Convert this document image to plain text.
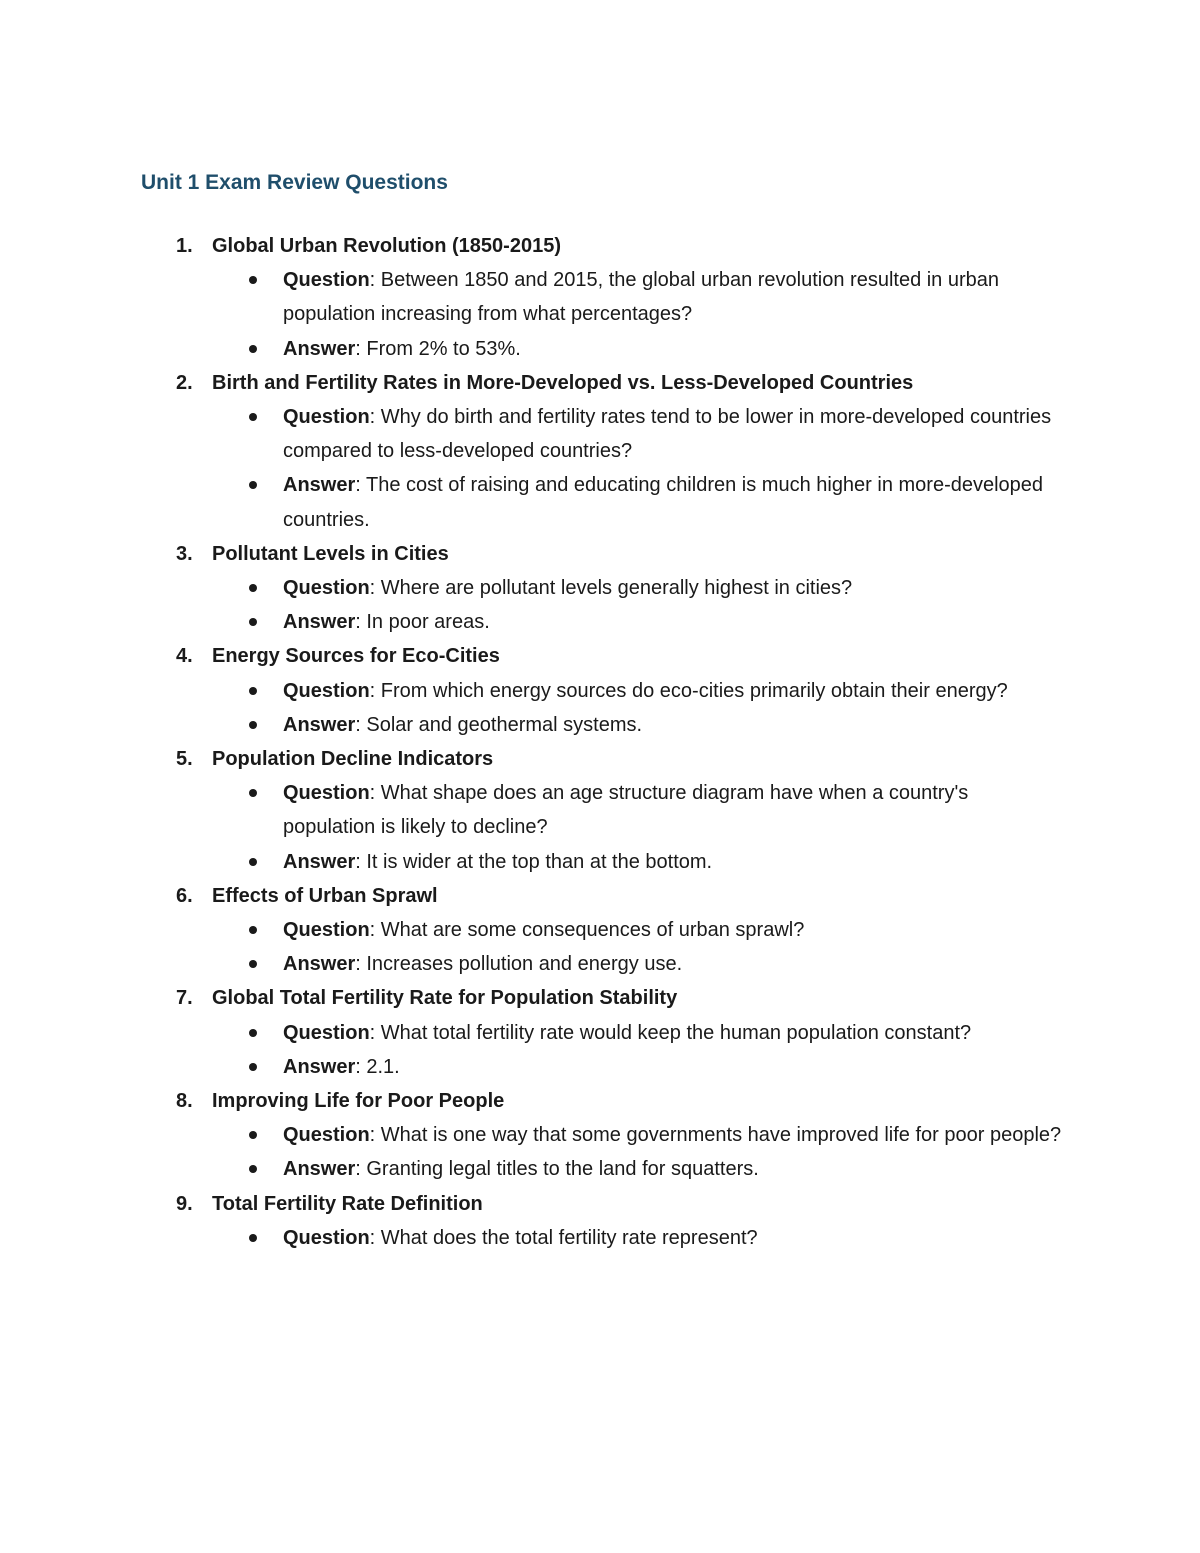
Unit 1 Exam Review Questions
1. Global Urban Revolution (1850-2015)
Question: Between 1850 and 2015, the global urban revolution resulted in urban population increasing from what percentages?
Answer: From 2% to 53%.
2. Birth and Fertility Rates in More-Developed vs. Less-Developed Countries
Question: Why do birth and fertility rates tend to be lower in more-developed countries compared to less-developed countries?
Answer: The cost of raising and educating children is much higher in more-developed countries.
3. Pollutant Levels in Cities
Question: Where are pollutant levels generally highest in cities?
Answer: In poor areas.
4. Energy Sources for Eco-Cities
Question: From which energy sources do eco-cities primarily obtain their energy?
Answer: Solar and geothermal systems.
5. Population Decline Indicators
Question: What shape does an age structure diagram have when a country's population is likely to decline?
Answer: It is wider at the top than at the bottom.
6. Effects of Urban Sprawl
Question: What are some consequences of urban sprawl?
Answer: Increases pollution and energy use.
7. Global Total Fertility Rate for Population Stability
Question: What total fertility rate would keep the human population constant?
Answer: 2.1.
8. Improving Life for Poor People
Question: What is one way that some governments have improved life for poor people?
Answer: Granting legal titles to the land for squatters.
9. Total Fertility Rate Definition
Question: What does the total fertility rate represent?
